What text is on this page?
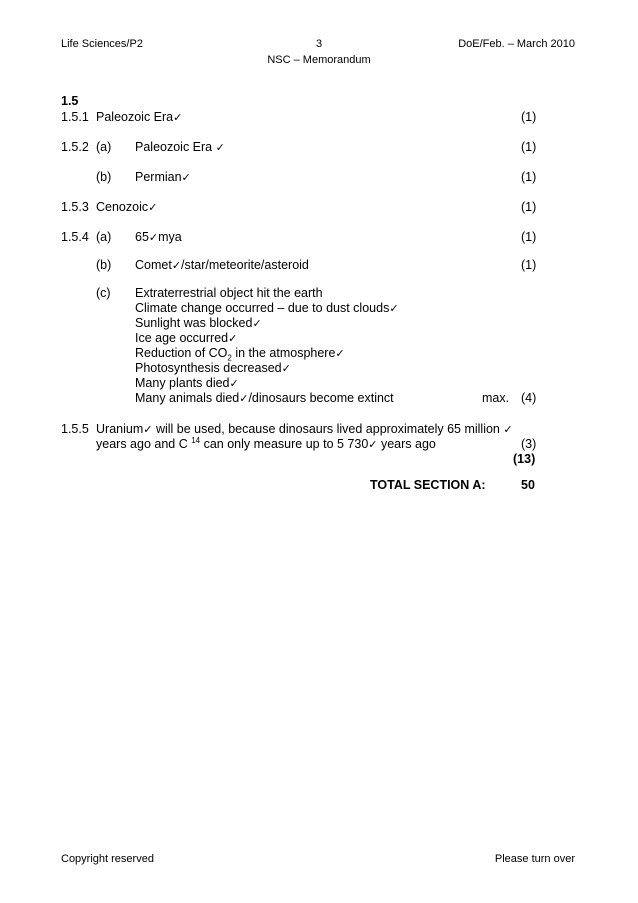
Life Sciences/P2	3	DoE/Feb. – March 2010
NSC – Memorandum
1.5
1.5.1 Paleozoic Era✓	(1)
1.5.2 (a) Paleozoic Era ✓	(1)
(b) Permian✓	(1)
1.5.3 Cenozoic✓	(1)
1.5.4 (a) 65✓mya	(1)
(b) Comet✓/star/meteorite/asteroid	(1)
(c) Extraterrestrial object hit the earth
Climate change occurred – due to dust clouds✓
Sunlight was blocked✓
Ice age occurred✓
Reduction of $CO_2$ in the atmosphere✓
Photosynthesis decreased✓
Many plants died✓
Many animals died✓/dinosaurs become extinct	max. (4)
1.5.5 Uranium✓ will be used, because dinosaurs lived approximately 65 million ✓
years ago and C $^{14}$ can only measure up to 5 730✓ years ago	(3)
(13)
TOTAL SECTION A:	50
Copyright reserved	Please turn over
